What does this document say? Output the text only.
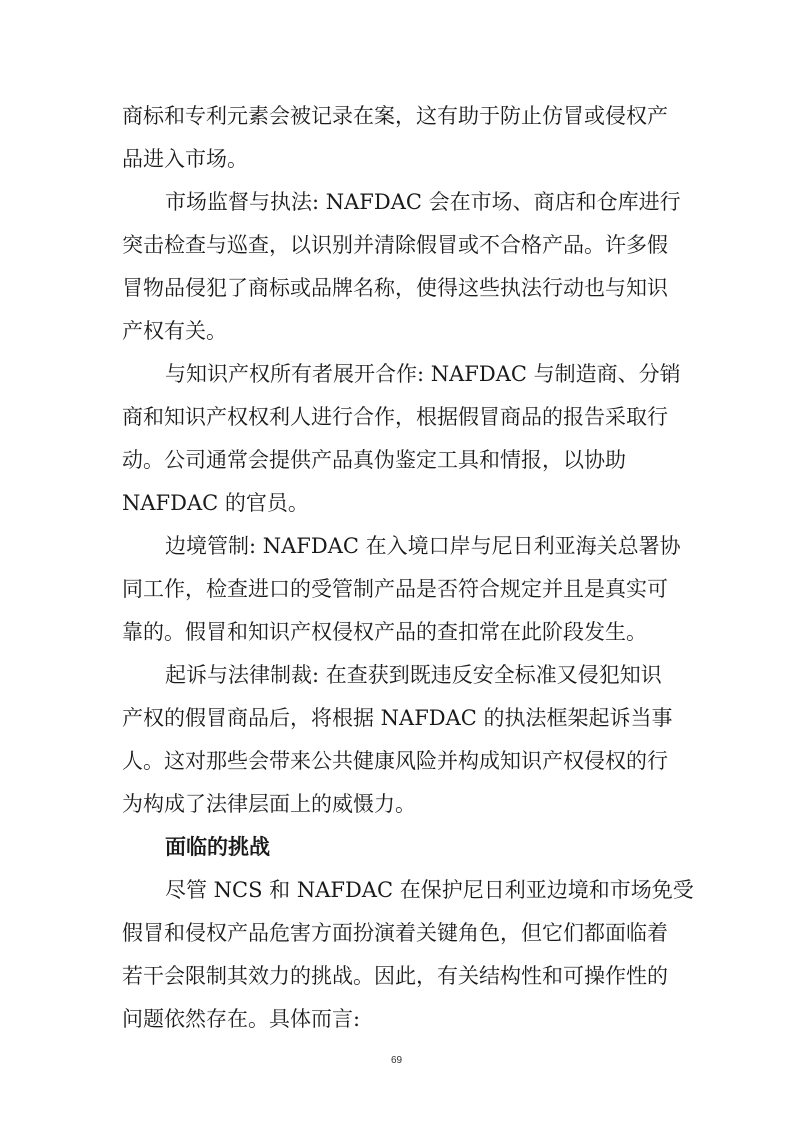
商标和专利元素会被记录在案，这有助于防止仿冒或侵权产
品进入市场。
市场监督与执法: NAFDAC 会在市场、商店和仓库进行
突击检查与巡查，以识别并清除假冒或不合格产品。许多假
冒物品侵犯了商标或品牌名称，使得这些执法行动也与知识
产权有关。
与知识产权所有者展开合作: NAFDAC 与制造商、分销
商和知识产权权利人进行合作，根据假冒商品的报告采取行
动。公司通常会提供产品真伪鉴定工具和情报，以协助
NAFDAC 的官员。
边境管制: NAFDAC 在入境口岸与尼日利亚海关总署协
同工作，检查进口的受管制产品是否符合规定并且是真实可
靠的。假冒和知识产权侵权产品的查扣常在此阶段发生。
起诉与法律制裁: 在查获到既违反安全标准又侵犯知识
产权的假冒商品后，将根据 NAFDAC 的执法框架起诉当事
人。这对那些会带来公共健康风险并构成知识产权侵权的行
为构成了法律层面上的威慑力。
面临的挑战
尽管 NCS 和 NAFDAC 在保护尼日利亚边境和市场免受
假冒和侵权产品危害方面扮演着关键角色，但它们都面临着
若干会限制其效力的挑战。因此，有关结构性和可操作性的
问题依然存在。具体而言:
69
